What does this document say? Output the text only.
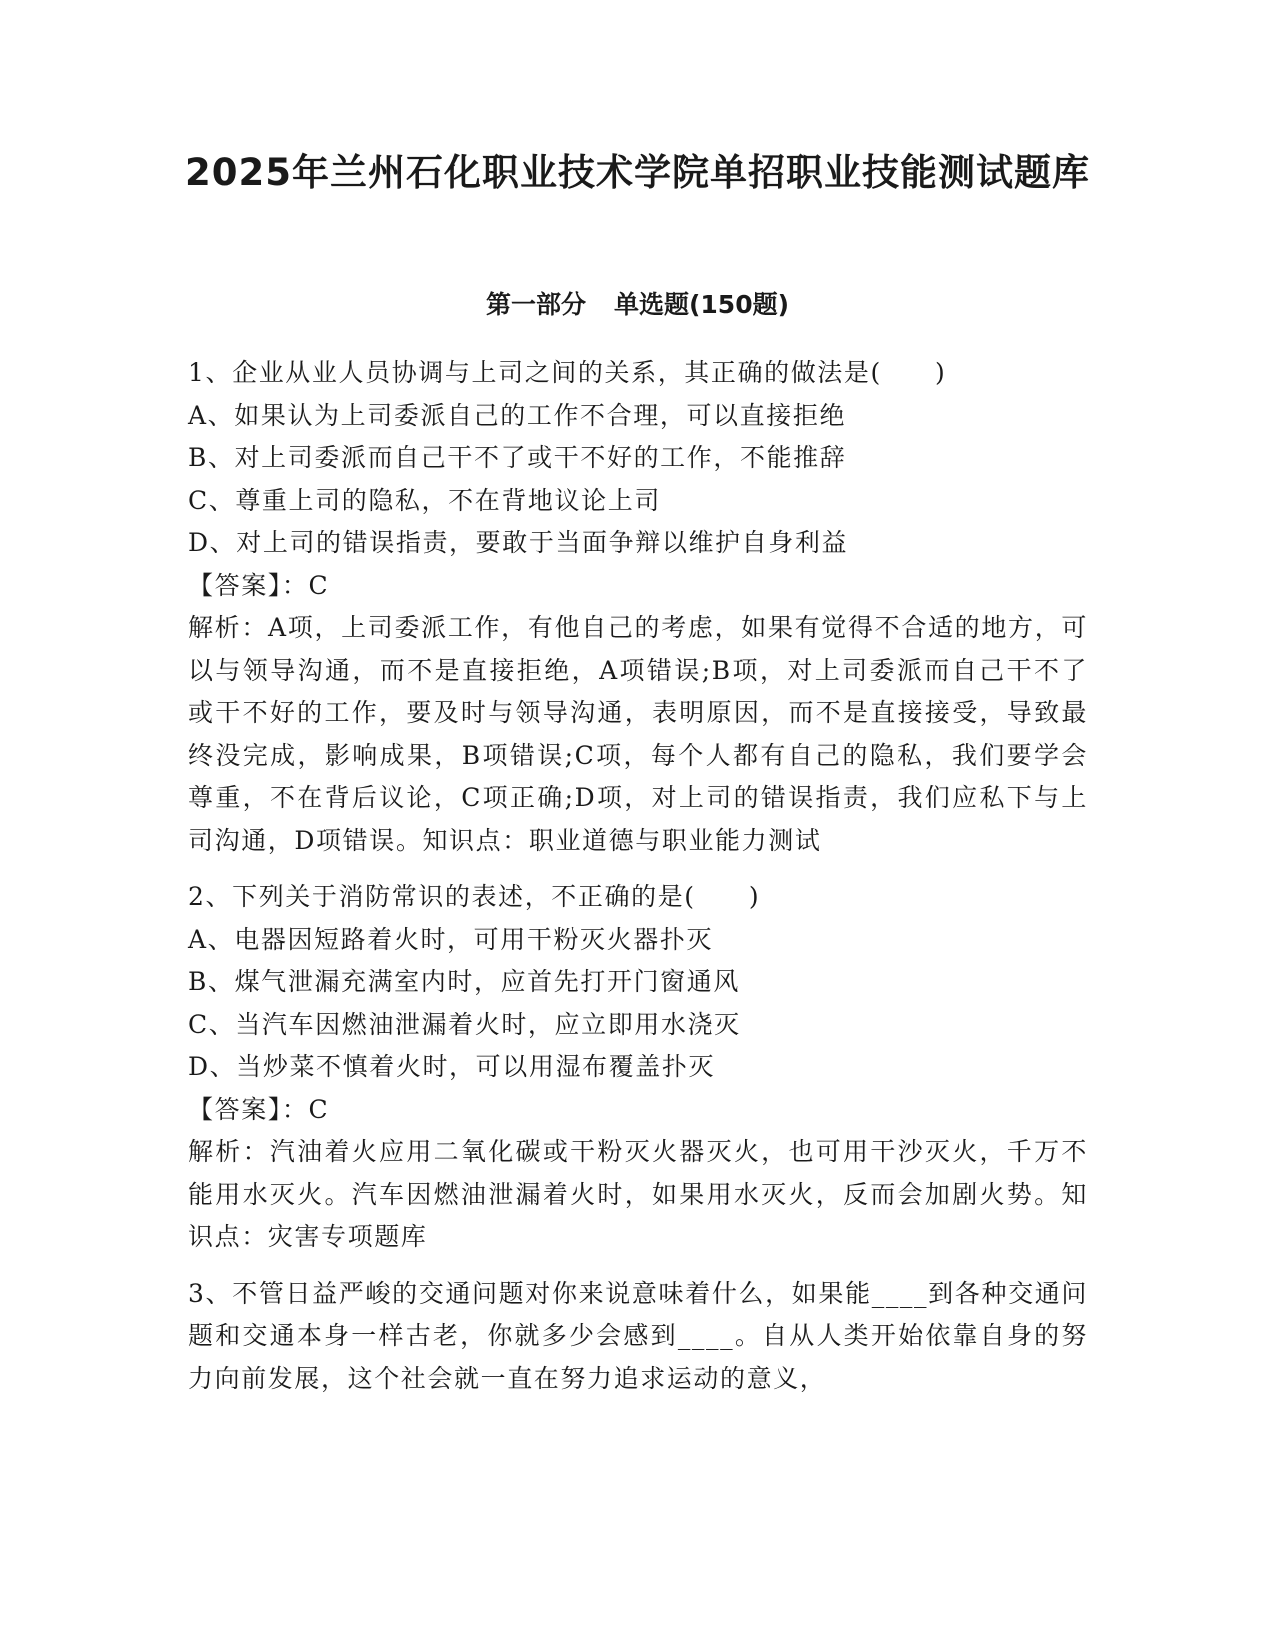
2025年兰州石化职业技术学院单招职业技能测试题库
第一部分 单选题(150题)

1、企业从业人员协调与上司之间的关系，其正确的做法是(　　)

A、如果认为上司委派自己的工作不合理，可以直接拒绝

B、对上司委派而自己干不了或干不好的工作，不能推辞

C、尊重上司的隐私，不在背地议论上司

D、对上司的错误指责，要敢于当面争辩以维护自身利益

【答案】：C

解析：A项，上司委派工作，有他自己的考虑，如果有觉得不合适的地方，可以与领导沟通，而不是直接拒绝，A项错误;B项，对上司委派而自己干不了或干不好的工作，要及时与领导沟通，表明原因，而不是直接接受，导致最终没完成，影响成果，B项错误;C项，每个人都有自己的隐私，我们要学会尊重，不在背后议论，C项正确;D项，对上司的错误指责，我们应私下与上司沟通，D项错误。知识点：职业道德与职业能力测试

2、下列关于消防常识的表述，不正确的是(　　)

A、电器因短路着火时，可用干粉灭火器扑灭

B、煤气泄漏充满室内时，应首先打开门窗通风

C、当汽车因燃油泄漏着火时，应立即用水浇灭

D、当炒菜不慎着火时，可以用湿布覆盖扑灭

【答案】：C

解析：汽油着火应用二氧化碳或干粉灭火器灭火，也可用干沙灭火，千万不能用水灭火。汽车因燃油泄漏着火时，如果用水灭火，反而会加剧火势。知识点：灾害专项题库

3、不管日益严峻的交通问题对你来说意味着什么，如果能____到各种交通问题和交通本身一样古老，你就多少会感到____。自从人类开始依靠自身的努力向前发展，这个社会就一直在努力追求运动的意义，
